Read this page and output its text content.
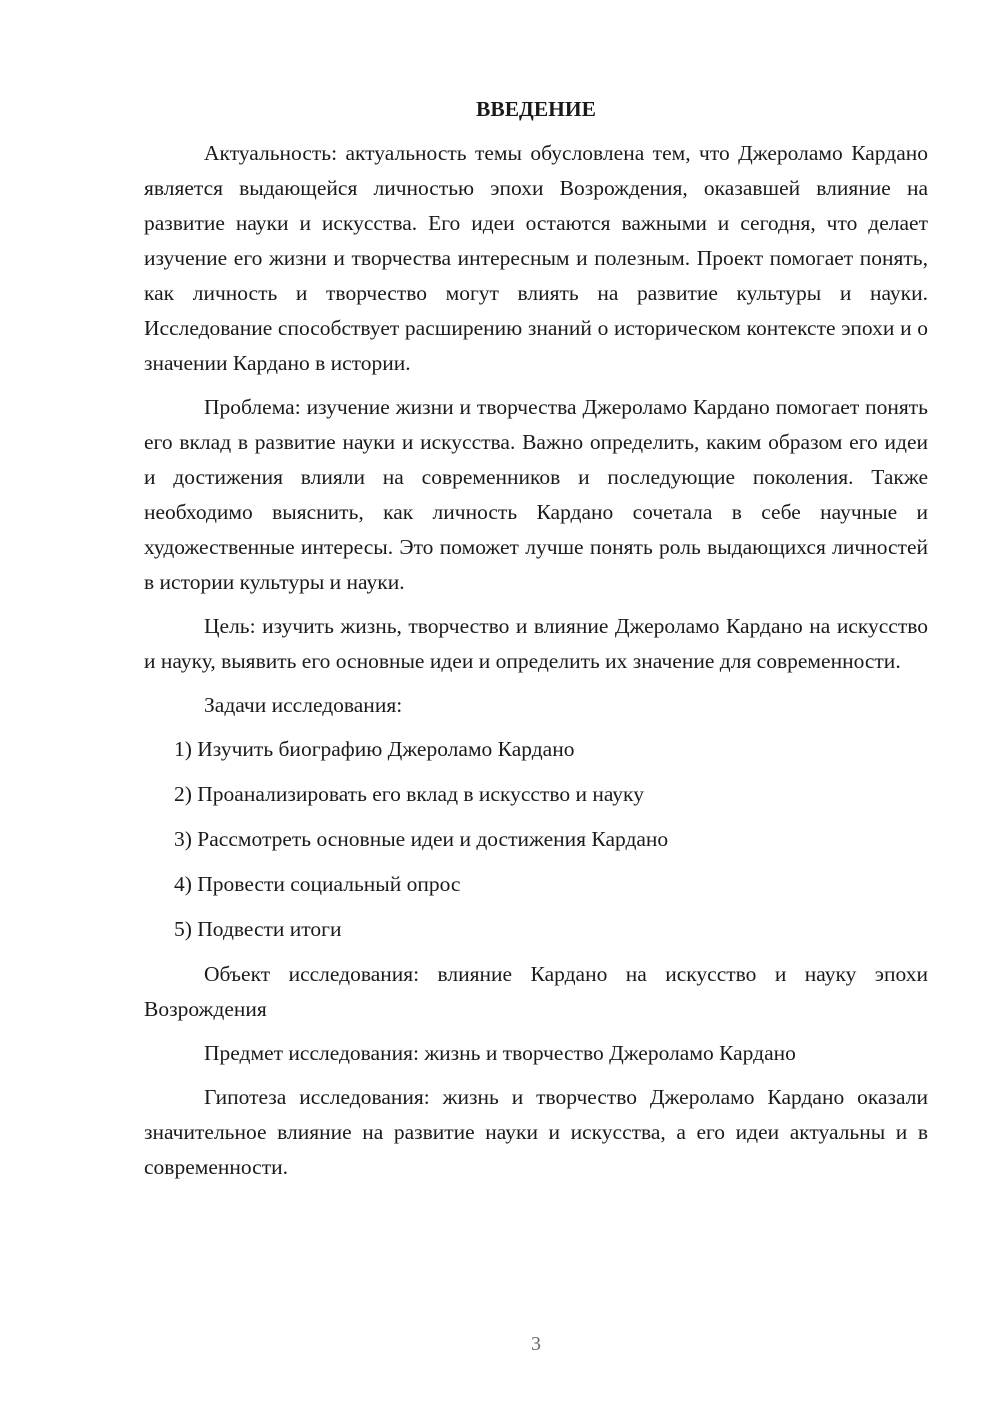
ВВЕДЕНИЕ

Актуальность: актуальность темы обусловлена тем, что Джероламо Кардано является выдающейся личностью эпохи Возрождения, оказавшей влияние на развитие науки и искусства. Его идеи остаются важными и сегодня, что делает изучение его жизни и творчества интересным и полезным. Проект помогает понять, как личность и творчество могут влиять на развитие культуры и науки. Исследование способствует расширению знаний о историческом контексте эпохи и о значении Кардано в истории.

Проблема: изучение жизни и творчества Джероламо Кардано помогает понять его вклад в развитие науки и искусства. Важно определить, каким образом его идеи и достижения влияли на современников и последующие поколения. Также необходимо выяснить, как личность Кардано сочетала в себе научные и художественные интересы. Это поможет лучше понять роль выдающихся личностей в истории культуры и науки.

Цель: изучить жизнь, творчество и влияние Джероламо Кардано на искусство и науку, выявить его основные идеи и определить их значение для современности.

Задачи исследования:

1) Изучить биографию Джероламо Кардано
2) Проанализировать его вклад в искусство и науку
3) Рассмотреть основные идеи и достижения Кардано
4) Провести социальный опрос
5) Подвести итоги

Объект исследования: влияние Кардано на искусство и науку эпохи Возрождения

Предмет исследования: жизнь и творчество Джероламо Кардано

Гипотеза исследования: жизнь и творчество Джероламо Кардано оказали значительное влияние на развитие науки и искусства, а его идеи актуальны и в современности.

3
